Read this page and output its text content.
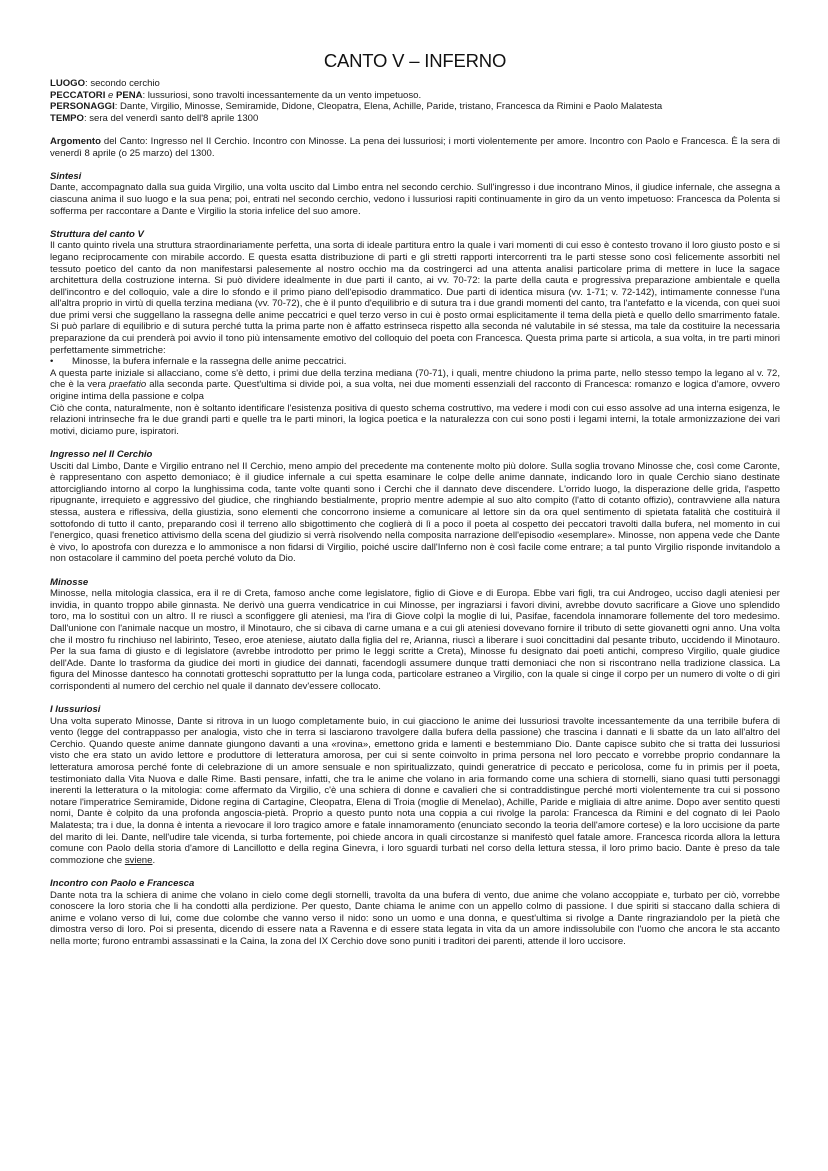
CANTO V – INFERNO
LUOGO: secondo cerchio
PECCATORI e PENA: lussuriosi, sono travolti incessantemente da un vento impetuoso.
PERSONAGGI: Dante, Virgilio, Minosse, Semiramide, Didone, Cleopatra, Elena, Achille, Paride, tristano, Francesca da Rimini e Paolo Malatesta
TEMPO: sera del venerdì santo dell'8 aprile 1300

Argomento del Canto: Ingresso nel II Cerchio. Incontro con Minosse. La pena dei lussuriosi; i morti violentemente per amore. Incontro con Paolo e Francesca. È la sera di venerdì 8 aprile (o 25 marzo) del 1300.

Sintesi

Dante, accompagnato dalla sua guida Virgilio, una volta uscito dal Limbo entra nel secondo cerchio. Sull'ingresso i due incontrano Minos, il giudice infernale, che assegna a ciascuna anima il suo luogo e la sua pena; poi, entrati nel secondo cerchio, vedono i lussuriosi rapiti continuamente in giro da un vento impetuoso: Francesca da Polenta si sofferma per raccontare a Dante e Virgilio la storia infelice del suo amore.

Struttura del canto V

Il canto quinto rivela una struttura straordinariamente perfetta, una sorta di ideale partitura entro la quale i vari momenti di cui esso è contesto trovano il loro giusto posto e si legano reciprocamente con mirabile accordo. E questa esatta distribuzione di parti e gli stretti rapporti intercorrenti tra le parti stesse sono così felicemente assorbiti nel tessuto poetico del canto da non manifestarsi palesemente al nostro occhio ma da costringerci ad una attenta analisi particolare prima di mettere in luce la sagace architettura della costruzione interna. Si può dividere idealmente in due parti il canto, ai vv. 70-72: la parte della cauta e progressiva preparazione ambientale e quella dell'incontro e del colloquio, vale a dire lo sfondo e il primo piano dell'episodio drammatico. Due parti di identica misura (vv. 1-71; v. 72-142), intimamente connesse l'una all'altra proprio in virtù di quella terzina mediana (vv. 70-72), che è il punto d'equilibrio e di sutura tra i due grandi momenti del canto, tra l'antefatto e la vicenda, con quei suoi due primi versi che suggellano la rassegna delle anime peccatrici e quel terzo verso in cui è posto ormai esplicitamente il tema della pietà e quello dello smarrimento fatale. Si può parlare di equilibrio e di sutura perché tutta la prima parte non è affatto estrinseca rispetto alla seconda né valutabile in sé stessa, ma tale da costituire la necessaria preparazione da cui prenderà poi avvio il tono più intensamente emotivo del colloquio del poeta con Francesca. Questa prima parte si articola, a sua volta, in tre parti minori perfettamente simmetriche:

•	Minosse, la bufera infernale e la rassegna delle anime peccatrici.

A questa parte iniziale si allacciano, come s'è detto, i primi due della terzina mediana (70-71), i quali, mentre chiudono la prima parte, nello stesso tempo la legano al v. 72, che è la vera praefatio alla seconda parte. Quest'ultima si divide poi, a sua volta, nei due momenti essenziali del racconto di Francesca: romanzo e logica d'amore, ovvero origine intima della passione e colpa

Ciò che conta, naturalmente, non è soltanto identificare l'esistenza positiva di questo schema costruttivo, ma vedere i modi con cui esso assolve ad una interna esigenza, le relazioni intrinseche fra le due grandi parti e quelle tra le parti minori, la logica poetica e la naturalezza con cui sono posti i legami interni, la totale armonizzazione dei vari motivi, diciamo pure, ispiratori.

Ingresso nel II Cerchio

Usciti dal Limbo, Dante e Virgilio entrano nel II Cerchio, meno ampio del precedente ma contenente molto più dolore. Sulla soglia trovano Minosse che, così come Caronte, è rappresentano con aspetto demoniaco; è il giudice infernale a cui spetta esaminare le colpe delle anime dannate, indicando loro in quale Cerchio siano destinate attorcigliando intorno al corpo la lunghissima coda, tante volte quanti sono i Cerchi che il dannato deve discendere. L'orrido luogo, la disperazione delle grida, l'aspetto ripugnante, irrequieto e aggressivo del giudice, che ringhiando bestialmente, proprio mentre adempie al suo alto compito (l'atto di cotanto offizio), contravviene alla natura stessa, austera e riflessiva, della giustizia, sono elementi che concorrono insieme a comunicare al lettore sin da ora quel sentimento di spietata fatalità che costituirà il sottofondo di tutto il canto, preparando così il terreno allo sbigottimento che coglierà di lì a poco il poeta al cospetto dei peccatori travolti dalla bufera, nel momento in cui l'energico, quasi frenetico attivismo della scena del giudizio si verrà risolvendo nella composita narrazione dell'episodio «esemplare». Minosse, non appena vede che Dante è vivo, lo apostrofa con durezza e lo ammonisce a non fidarsi di Virgilio, poiché uscire dall'Inferno non è così facile come entrare; a tal punto Virgilio risponde invitandolo a non ostacolare il cammino del poeta perché voluto da Dio.

Minosse

Minosse, nella mitologia classica, era il re di Creta, famoso anche come legislatore, figlio di Giove e di Europa. Ebbe vari figli, tra cui Androgeo, ucciso dagli ateniesi per invidia, in quanto troppo abile ginnasta. Ne derivò una guerra vendicatrice in cui Minosse, per ingraziarsi i favori divini, avrebbe dovuto sacrificare a Giove uno splendido toro, ma lo sostituì con un altro. Il re riuscì a sconfiggere gli ateniesi, ma l'ira di Giove colpì la moglie di lui, Pasifae, facendola innamorare follemente del toro medesimo. Dall'unione con l'animale nacque un mostro, il Minotauro, che si cibava di carne umana e a cui gli ateniesi dovevano fornire il tributo di sette giovanetti ogni anno. Una volta che il mostro fu rinchiuso nel labirinto, Teseo, eroe ateniese, aiutato dalla figlia del re, Arianna, riuscì a liberare i suoi concittadini dal pesante tributo, uccidendo il Minotauro. Per la sua fama di giusto e di legislatore (avrebbe introdotto per primo le leggi scritte a Creta), Minosse fu designato dai poeti antichi, compreso Virgilio, quale giudice dell'Ade. Dante lo trasforma da giudice dei morti in giudice dei dannati, facendogli assumere dunque tratti demoniaci che non si riscontrano nella tradizione classica. La figura del Minosse dantesco ha connotati grotteschi soprattutto per la lunga coda, particolare estraneo a Virgilio, con la quale si cinge il corpo per un numero di volte o di giri corrispondenti al numero del cerchio nel quale il dannato dev'essere collocato.

I lussuriosi

Una volta superato Minosse, Dante si ritrova in un luogo completamente buio, in cui giacciono le anime dei lussuriosi travolte incessantemente da una terribile bufera di vento (legge del contrappasso per analogia, visto che in terra si lasciarono travolgere dalla bufera della passione) che trascina i dannati e li sbatte da un lato all'altro del Cerchio. Quando queste anime dannate giungono davanti a una «rovina», emettono grida e lamenti e bestemmiano Dio. Dante capisce subito che si tratta dei lussuriosi visto che era stato un avido lettore e produttore di letteratura amorosa, per cui si sente coinvolto in prima persona nel loro peccato e vorrebbe proprio condannare la letteratura amorosa perché fonte di celebrazione di un amore sensuale e non spiritualizzato, quindi generatrice di peccato e pericolosa, come fu in primis per il poeta, testimoniato dalla Vita Nuova e dalle Rime. Basti pensare, infatti, che tra le anime che volano in aria formando come una schiera di stornelli, siano quasi tutti personaggi inerenti la letteratura o la mitologia: come affermato da Virgilio, c'è una schiera di donne e cavalieri che si contraddistingue perché morti violentemente tra cui si possono notare l'imperatrice Semiramide, Didone regina di Cartagine, Cleopatra, Elena di Troia (moglie di Menelao), Achille, Paride e migliaia di altre anime. Dopo aver sentito questi nomi, Dante è colpito da una profonda angoscia-pietà. Proprio a questo punto nota una coppia a cui rivolge la parola: Francesca da Rimini e del cognato di lei Paolo Malatesta; tra i due, la donna è intenta a rievocare il loro tragico amore e fatale innamoramento (enunciato secondo la teoria dell'amore cortese) e la loro uccisione da parte del marito di lei. Dante, nell'udire tale vicenda, si turba fortemente, poi chiede ancora in quali circostanze si manifestò quel fatale amore. Francesca ricorda allora la lettura comune con Paolo della storia d'amore di Lancillotto e della regina Ginevra, i loro sguardi turbati nel corso della lettura stessa, il loro primo bacio. Dante è preso da tale commozione che sviene.

Incontro con Paolo e Francesca

Dante nota tra la schiera di anime che volano in cielo come degli stornelli, travolta da una bufera di vento, due anime che volano accoppiate e, turbato per ciò, vorrebbe conoscere la loro storia che li ha condotti alla perdizione. Per questo, Dante chiama le anime con un appello colmo di passione. I due spiriti si staccano dalla schiera di anime e volano verso di lui, come due colombe che vanno verso il nido: sono un uomo e una donna, e quest'ultima si rivolge a Dante ringraziandolo per la pietà che dimostra verso di loro. Poi si presenta, dicendo di essere nata a Ravenna e di essere stata legata in vita da un amore indissolubile con l'uomo che ancora le sta accanto nella morte; furono entrambi assassinati e la Caina, la zona del IX Cerchio dove sono puniti i traditori dei parenti, attende il loro uccisore.
